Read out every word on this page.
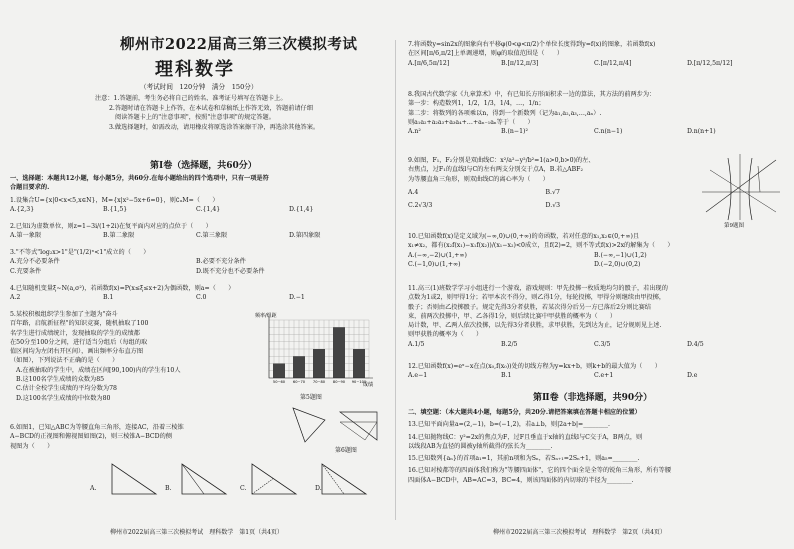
柳州市2022届高三第三次模拟考试
理科数学
（考试时间　120分钟　满分　150分）
注意：1.答题前，考生务必将自己的姓名、准考证号填写在答题卡上。
2.答题时请在答题卡上作答，在本试卷和草稿纸上作答无效，答题前请仔细
阅读答题卡上的"注意事项"，按照"注意事项"的规定答题。
3.做选择题时，如需改动，请用橡皮将原选涂答案擦干净，再选涂其他答案。
第Ⅰ卷（选择题，共60分）
一、选择题：本题共12小题，每小题5分，共60分.在每小题给出的四个选项中，只有一项是符
合题目要求的.
1.设集合U={x|0<x<5,x∈N}，M={x|x²−5x+6=0}，则∁ᵤM=（　　）
A.{2,3}	B.{1,5}	C.{1,4}	D.{1,4}
2.已知i为虚数单位，则z=1−3i/(1+2i)在复平面内对应的点位于（　　）
A.第一象限	B.第二象限	C.第三象限	D.第四象限
3."不等式"log₂x>1"是"(1/2)ˣ<1"成立的（　　）
A.充分不必要条件	B.必要不充分条件
C.充要条件	D.既不充分也不必要条件
4.已知随机变量ξ~N(a,σ²)，若函数f(x)=P(x≤ξ≤x+2)为偶函数，则a=（　　）
A.2	B.1	C.0	D.−1
5.某校积极组织学生参加了主题为"奋斗
百年路，启航新征程"的知识竞赛，随机抽取了100
名学生进行成绩统计，发现抽取的学生的成绩都
在50分至100分之间，进行适当分组后（每组的取
值区间均为左闭右开区间），画出频率分布直方图
（如图），下列说法不正确的是（　　）
A.在被抽取的学生中，成绩在区间[90,100)内的学生有10人
B.这100名学生成绩的众数为85
C.估计全校学生成绩的平均分数为78
D.这100名学生成绩的中位数为80
50~60 60~70 70~80 80~90 90~100
频率/组距
成绩
第5题图
6.如图1，已知△ABC为等腰直角三角形，连接AC，沿着三棱锥
A−BCD的正视图和俯视图如图(2)，则三棱锥A−BCD的侧
视图为（　　）
第6题图
A.	B.	C.	D.
柳州市2022届高三第三次模拟考试　理科数学　第1页（共4页）
7.将函数y=sin2x的图象向右平移φ(0<φ<π/2)个单位长度得到y=f(x)的图象，若函数f(x)
在区间[π/6,π/2]上单调递增，则φ的取值范围是（　　）
A.[π/6,5π/12]	B.[π/12,π/3]	C.[π/12,π/4]	D.[π/12,5π/12]
8.我国古代数学家《九章算术》中，有已知长方形面积求一边的算法，其方法的前两步为：
第一步：构造数列1，1/2，1/3，1/4，…，1/n；
第二步：将数列的各项乘以n，得到一个新数列（记为a₁,a₂,a₃,…,aₙ）.
则a₁a₂+a₂a₃+a₃a₄+…+aₙ₋₁aₙ等于（　　）
A.n²	B.(n−1)²	C.n(n−1)	D.n(n+1)
9.如图，F₁，F₂分别是双曲线C：x²/a²−y²/b²=1(a>0,b>0)的左、
右焦点，过F₁的直线l与C的左右两支分别交于点A，B.若△ABF₂
为等腰直角三角形，则双曲线C的离心率为（　　）
A.4	B.√7
C.2√3/3	D.√3
第9题图
10.已知函数f(x)是定义域为(−∞,0)∪(0,+∞)的奇函数，若对任意的x₁,x₂∈(0,+∞)且
x₁≠x₂，都有(x₂f(x₁)−x₁f(x₂))/(x₁−x₂)<0成立，且f(2)=2，则不等式f(x)>2x的解集为（　　）
A.(−∞,−2)∪(1,+∞)	B.(−∞,−1)∪(1,2)
C.(−1,0)∪(1,+∞)	D.(−2,0)∪(0,2)
11.高三(1)班数学学习小组进行一个游戏，游戏规则：甲先投掷一枚质地均匀的骰子，若出现的
点数为1或2，则甲得1分；若甲本次不得分，则乙得1分，每轮投掷，甲得分则继续由甲投掷，
骰子；否则由乙投掷骰子。规定先得3分者获胜，若某次得分后另一方已落后2分则比赛结
束，前两次投掷中，甲、乙各得1分，则后续比赛中甲获胜的概率为（　　）
局计数，甲、乙两人依次投掷，以先得3分者获胜，求甲获胜，先到达为止，记分规则见上述.
则甲获胜的概率为（　　）
A.1/5	B.2/5	C.3/5	D.4/5
12.已知函数f(x)=eˣ−x在点(x₀,f(x₀))处的切线方程为y=kx+b，则k+b的最大值为（　　）
A.e−1	B.1	C.e+1	D.e
第Ⅱ卷（非选择题，共90分）
二、填空题：（本大题共4小题，每题5分，共20分.请把答案填在答题卡相应的位置）
13.已知平面向量a=(2,−1)，b=(−1,2)，若a⊥b，则|2a+b|=________.
14.已知抛物线C：y²=2x的焦点为F，过F且垂直于x轴的直线l与C交于A，B两点，则
以线段AB为直径的圆被y轴所截得的弦长为________.
15.已知数列{aₙ}的首项a₁=1，其前n项和为Sₙ，若Sₙ₊₁=2Sₙ+1，则a₅=________.
16.已知对棱都等的四面体我们称为"等腰四面体"，它的四个面全是全等的锐角三角形，所有等腰
四面体A−BCD中，AB=AC=3，BC=4，则该四面体的内切球的半径为________.
柳州市2022届高三第三次模拟考试　理科数学　第2页（共4页）
